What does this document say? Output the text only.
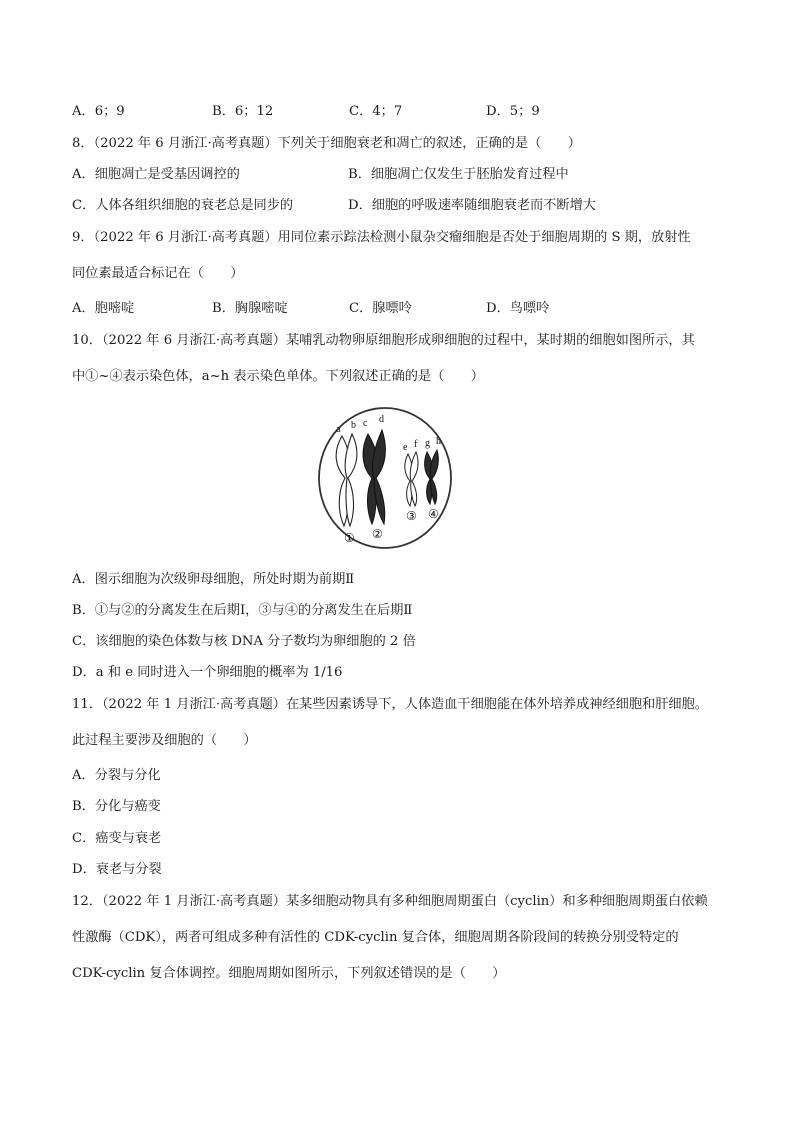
A．6；9	B．6；12	C．4；7	D．5；9
8．（2022 年 6 月浙江·高考真题）下列关于细胞衰老和凋亡的叙述，正确的是（　　）
A．细胞凋亡是受基因调控的	B．细胞凋亡仅发生于胚胎发育过程中
C．人体各组织细胞的衰老总是同步的	D．细胞的呼吸速率随细胞衰老而不断增大
9．（2022 年 6 月浙江·高考真题）用同位素示踪法检测小鼠杂交瘤细胞是否处于细胞周期的 S 期，放射性
同位素最适合标记在（　　）
A．胞嘧啶	B．胸腺嘧啶	C．腺嘌呤	D．鸟嘌呤
10．（2022 年 6 月浙江·高考真题）某哺乳动物卵原细胞形成卵细胞的过程中，某时期的细胞如图所示，其
中①~④表示染色体，a~h 表示染色单体。下列叙述正确的是（　　）
a b c d
e f g h
① ②
③ ④
A．图示细胞为次级卵母细胞，所处时期为前期Ⅱ
B．①与②的分离发生在后期Ⅰ，③与④的分离发生在后期Ⅱ
C．该细胞的染色体数与核 DNA 分子数均为卵细胞的 2 倍
D．a 和 e 同时进入一个卵细胞的概率为 1/16
11．（2022 年 1 月浙江·高考真题）在某些因素诱导下，人体造血干细胞能在体外培养成神经细胞和肝细胞。
此过程主要涉及细胞的（　　）
A．分裂与分化
B．分化与癌变
C．癌变与衰老
D．衰老与分裂
12．（2022 年 1 月浙江·高考真题）某多细胞动物具有多种细胞周期蛋白（cyclin）和多种细胞周期蛋白依赖
性激酶（CDK），两者可组成多种有活性的 CDK-cyclin 复合体，细胞周期各阶段间的转换分别受特定的
CDK-cyclin 复合体调控。细胞周期如图所示，下列叙述错误的是（　　）
